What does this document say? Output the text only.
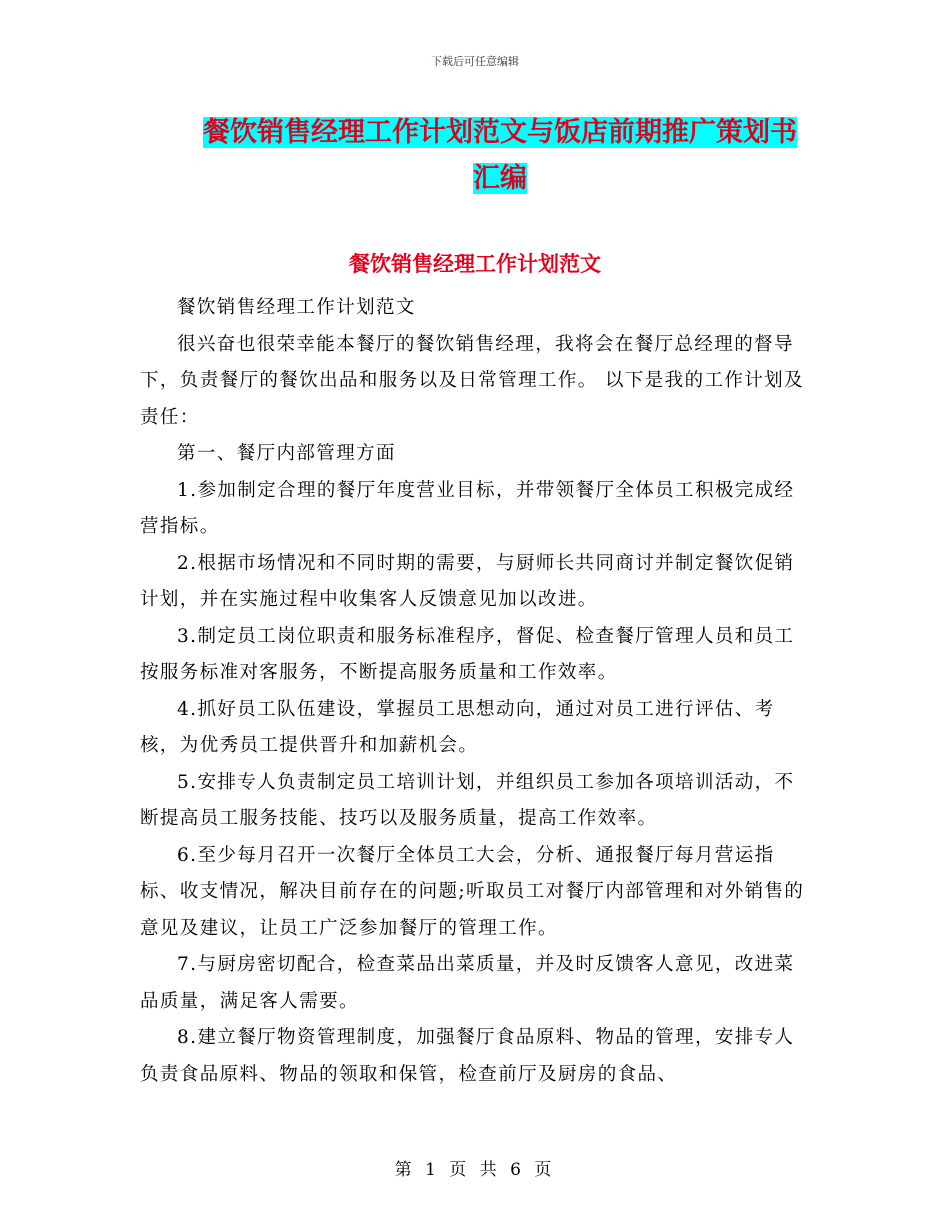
下载后可任意编辑
餐饮销售经理工作计划范文与饭店前期推广策划书汇编
餐饮销售经理工作计划范文

餐饮销售经理工作计划范文

很兴奋也很荣幸能本餐厅的餐饮销售经理，我将会在餐厅总经理的督导下，负责餐厅的餐饮出品和服务以及日常管理工作。 以下是我的工作计划及责任：

第一、餐厅内部管理方面

1.参加制定合理的餐厅年度营业目标，并带领餐厅全体员工积极完成经营指标。

2.根据市场情况和不同时期的需要，与厨师长共同商讨并制定餐饮促销计划，并在实施过程中收集客人反馈意见加以改进。

3.制定员工岗位职责和服务标准程序，督促、检查餐厅管理人员和员工按服务标准对客服务，不断提高服务质量和工作效率。

4.抓好员工队伍建设，掌握员工思想动向，通过对员工进行评估、考核，为优秀员工提供晋升和加薪机会。

5.安排专人负责制定员工培训计划，并组织员工参加各项培训活动，不断提高员工服务技能、技巧以及服务质量，提高工作效率。

6.至少每月召开一次餐厅全体员工大会，分析、通报餐厅每月营运指标、收支情况，解决目前存在的问题;听取员工对餐厅内部管理和对外销售的意见及建议，让员工广泛参加餐厅的管理工作。

7.与厨房密切配合，检查菜品出菜质量，并及时反馈客人意见，改进菜品质量，满足客人需要。

8.建立餐厅物资管理制度，加强餐厅食品原料、物品的管理，安排专人负责食品原料、物品的领取和保管，检查前厅及厨房的食品、

第 1 页 共 6 页
